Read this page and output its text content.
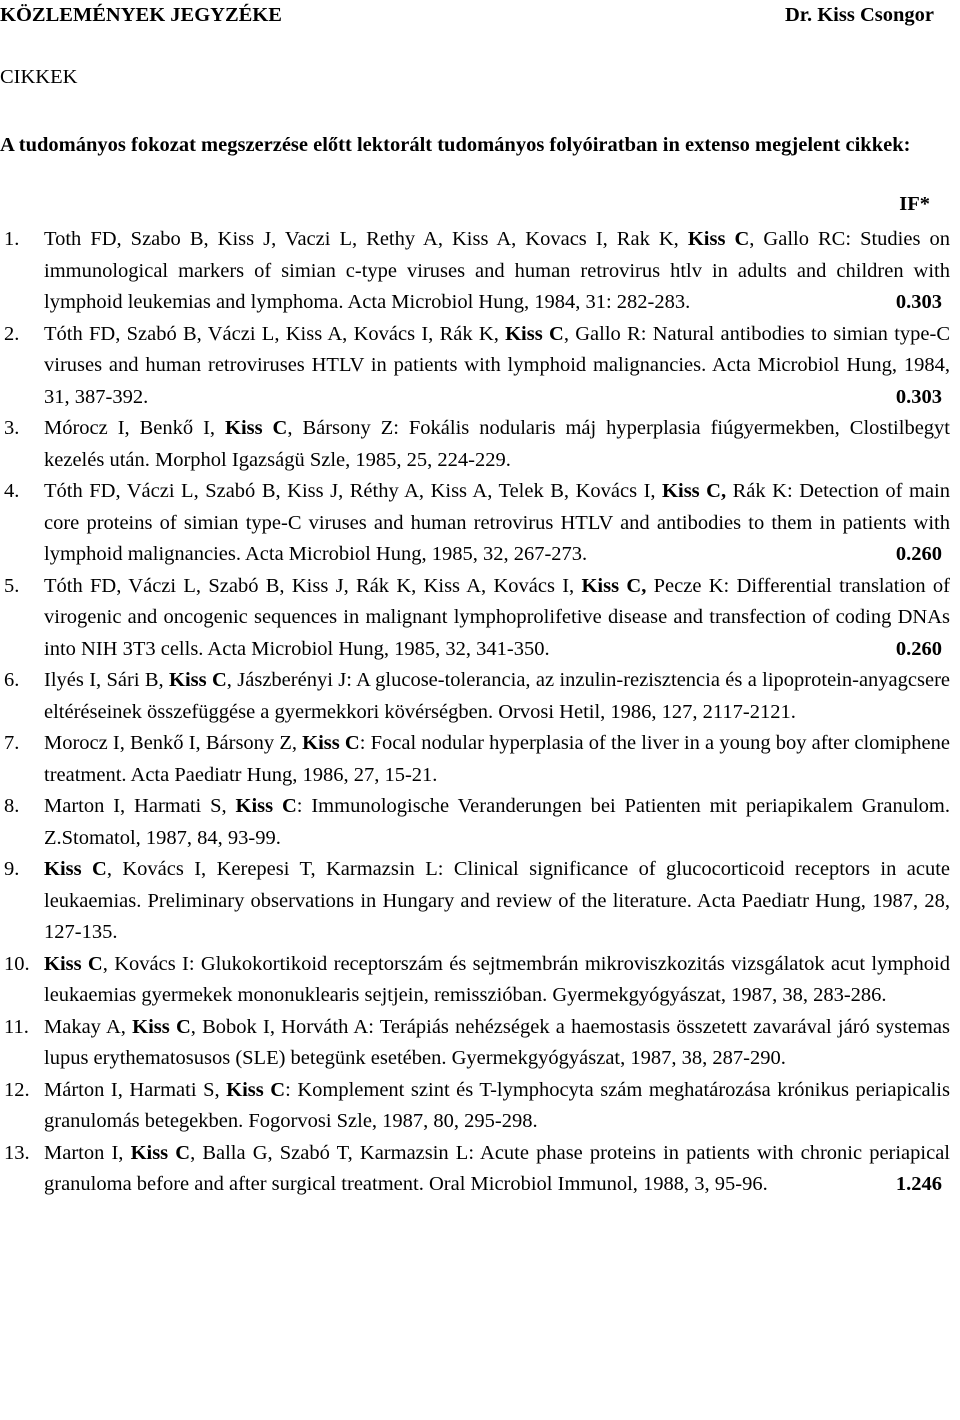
KÖZLEMÉNYEK JEGYZÉKE	Dr. Kiss Csongor
CIKKEK
A tudományos fokozat megszerzése előtt lektorált tudományos folyóiratban in extenso megjelent cikkek:
IF*
1. Toth FD, Szabo B, Kiss J, Vaczi L, Rethy A, Kiss A, Kovacs I, Rak K, Kiss C, Gallo RC: Studies on immunological markers of simian c-type viruses and human retrovirus htlv in adults and children with lymphoid leukemias and lymphoma. Acta Microbiol Hung, 1984, 31: 282-283.	0.303
2. Tóth FD, Szabó B, Váczi L, Kiss A, Kovács I, Rák K, Kiss C, Gallo R: Natural antibodies to simian type-C viruses and human retroviruses HTLV in patients with lymphoid malignancies. Acta Microbiol Hung, 1984, 31, 387-392.	0.303
3. Mórocz I, Benkő I, Kiss C, Bársony Z: Fokális nodularis máj hyperplasia fiúgyermekben, Clostilbegyt kezelés után. Morphol Igazságü Szle, 1985, 25, 224-229.
4. Tóth FD, Váczi L, Szabó B, Kiss J, Réthy A, Kiss A, Telek B, Kovács I, Kiss C, Rák K: Detection of main core proteins of simian type-C viruses and human retrovirus HTLV and antibodies to them in patients with lymphoid malignancies. Acta Microbiol Hung, 1985, 32, 267-273.	0.260
5. Tóth FD, Váczi L, Szabó B, Kiss J, Rák K, Kiss A, Kovács I, Kiss C, Pecze K: Differential translation of virogenic and oncogenic sequences in malignant lymphoprolifetive disease and transfection of coding DNAs into NIH 3T3 cells. Acta Microbiol Hung, 1985, 32, 341-350.	0.260
6. Ilyés I, Sári B, Kiss C, Jászberényi J: A glucose-tolerancia, az inzulin-rezisztencia és a lipoprotein-anyagcsere eltéréseinek összefüggése a gyermekkori kövérségben. Orvosi Hetil, 1986, 127, 2117-2121.
7. Morocz I, Benkő I, Bársony Z, Kiss C: Focal nodular hyperplasia of the liver in a young boy after clomiphene treatment. Acta Paediatr Hung, 1986, 27, 15-21.
8. Marton I, Harmati S, Kiss C: Immunologische Veranderungen bei Patienten mit periapikalem Granulom. Z.Stomatol, 1987, 84, 93-99.
9. Kiss C, Kovács I, Kerepesi T, Karmazsin L: Clinical significance of glucocorticoid receptors in acute leukaemias. Preliminary observations in Hungary and review of the literature. Acta Paediatr Hung, 1987, 28, 127-135.
10. Kiss C, Kovács I: Glukokortikoid receptorszám és sejtmembrán mikroviszkozitás vizsgálatok acut lymphoid leukaemias gyermekek mononuklearis sejtjein, remisszióban. Gyermekgyógyászat, 1987, 38, 283-286.
11. Makay A, Kiss C, Bobok I, Horváth A: Terápiás nehézségek a haemostasis összetett zavarával járó systemas lupus erythematosusos (SLE) betegünk esetében. Gyermekgyógyászat, 1987, 38, 287-290.
12. Márton I, Harmati S, Kiss C: Komplement szint és T-lymphocyta szám meghatározása krónikus periapicalis granulomás betegekben. Fogorvosi Szle, 1987, 80, 295-298.
13. Marton I, Kiss C, Balla G, Szabó T, Karmazsin L: Acute phase proteins in patients with chronic periapical granuloma before and after surgical treatment. Oral Microbiol Immunol, 1988, 3, 95-96.	1.246
